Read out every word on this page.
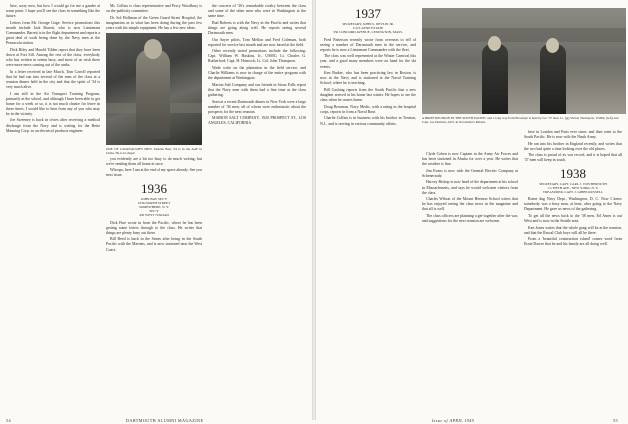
here, sorry now, but how I would go for me a gander at some point. I hope you'll see the class in something like the future.

Letters from Mr. George Gage. Service promotions this month include Jack Barrett, who is now Lieutenant Commander. Barrett is in the flight department and reports a great deal of work being done by the Navy men at the Pensacola station.

Dick Riley and Harold Tilden report that they have been down at Fort Sill. Among the rest of the class, everybody who has written in seems busy, and most of us wish there were more news coming out of the ranks.

In a letter received in late March, Tom Carroll reported that he had run into several of the men of the class at a reunion dinner held in the city and that the spirit of '34 is very much alive.

I am still in the Air Transport Training Program, primarily at the school, and although I have been able to get home for a week or so, it is not much chance for leave in these times. I would like to hear from any of you who may be in the vicinity.

Joe Sweeney is back in civies after receiving a medical discharge from the Navy and is writing for the Bette Manning Corp. as an electrical products engineer.

Mr. Collins is class representative and Percy Woodbury is on the publicity committee.

Dr. Sol Hoffman of the Green Guard Street Hospital, the imagination as to what has been doing during the past few years with his simple equipment. He has a few new ideas.

ONE OF CAVANAUGH'S MEN. Perkins Bass '34 is in the AAF in China. He is in shape!

you evidently are a bit too busy to do much writing, but we're sending them all home at once.

Whoops, here I am at the end of my space already. See you next issue.

1936
JOHN BAY SEC'Y
1936 NORTH STREET
SOMEWHERE, N. Y.
SEC'Y
450 WEST 70 ROAD

Dick Fine wrote in from the Pacific, where he has been getting some letters through to the class. He writes that things are plenty busy out there.

Bill Reed is back in the States after being in the South Pacific with the Marines, and is now stationed near the West Coast.

the concern of '36's remarkable rivalry between the class and some of the other men who were in Washington at the same time.

Bud Roberts is with the Navy in the Pacific and writes that things are going along well. He reports seeing several Dartmouth men.

Our Sayre pilots, Tom Mellon and Fred Coleman, both reported for service last month and are now based at the field.

Other recently noted promotions include the following: Capt. William W. Haskins, Jr., USMC; Lt. Charles G. Rutherford; Capt. H. Hancock; Lt. Col. John Thompson.

Wade write on the plantation in the field service, and Charlie Williams is now in charge of the entire program with the department at Washington.

Marion Salt Company and our friends in Sioux Falls report that the Navy men with them had a fine time at the class gathering.

Seen at a recent Dartmouth dinner in New York were a large number of '36 men, all of whom were enthusiastic about the prospects for the next reunion.

MARION SALT COMPANY, 1920 PROSPECT ST., LOS ANGELES, CALIFORNIA

54	DARTMOUTH ALUMNI MAGAZINE
1937
SECRETARY, JOHN S. DEVLIN JR.
C/O LAYNE ESTATE
350 CONCORD AVENUE, LEXINGTON, MASS.

Fred Patterson recently wrote from overseas to tell of seeing a number of Dartmouth men in the service, and reports he is now a Lieutenant Commander with the fleet.

The class was well represented at the Winter Carnival this year, and a good many members were on hand for the ski events.

Ken Barker, who has been practicing law in Boston, is now in the Navy and is stationed at the Naval Training School, where he is teaching.

Bill Cushing reports from the South Pacific that a new daughter arrived at his home last winter. He hopes to see the class when he comes home.

Doug Bowman, Navy Medic, with a rating in the hospital corps, reports in from a Naval Base.

Charlie Collins is in business with his brother in Trenton, N.J., and is serving in various community affairs.

Clyde Cohen is now Captain in the Army Air Forces and has been stationed in Alaska for over a year. He writes that the weather is fine.

Jim Evans is now with the General Electric Company at Schenectady.

Harvey Bishop is now head of the department at his school in Massachusetts, and says he would welcome visitors from the class.

Charles Wilson of the Mount Hermon School writes that he has enjoyed seeing the class news in the magazine and that all is well.

The class officers are planning a get-together after the war, and suggestions for the next reunion are welcome.

A BRIEF REUNION IN THE SOUTH PACIFIC and a long way from Brooklyn is held by two '37 men, Lt. (jg) Vinton Thompson, USNR, (left) and Capt. Joe Deitrick, AUS, in November's Rabaul.

here in London and Paris ever since; and then went to the South Pacific. He is now with the Ninth Army.

He ran into his brother in England recently, and writes that the two had quite a time looking over the old places.

The class is proud of its war record, and it is hoped that all '37 men will keep in touch.

1938
SECRETARY, CAPT. CARL J. VON BERNUTH
c/o FIFTH AVE., NEW YORK, N. Y.
TREASURER, CAPT. J. GIBBS RUSSELL

Rome dug Navy Dept., Washington, D. C. Now I knew somebody was a busy man, at least, after going to the Navy Department. He gave us news of the gathering.

To get all the news back to the '38 men, Ed Ames is out West and is now in the Seattle area.

Ken Jones writes that the whole gang will be at the reunion, and that the Rascal Club boys will all be there.

From a 'beautiful construction island' comes word from Ernie Dawes that he and his family are all doing well.

Issue of APRIL 1945	55
